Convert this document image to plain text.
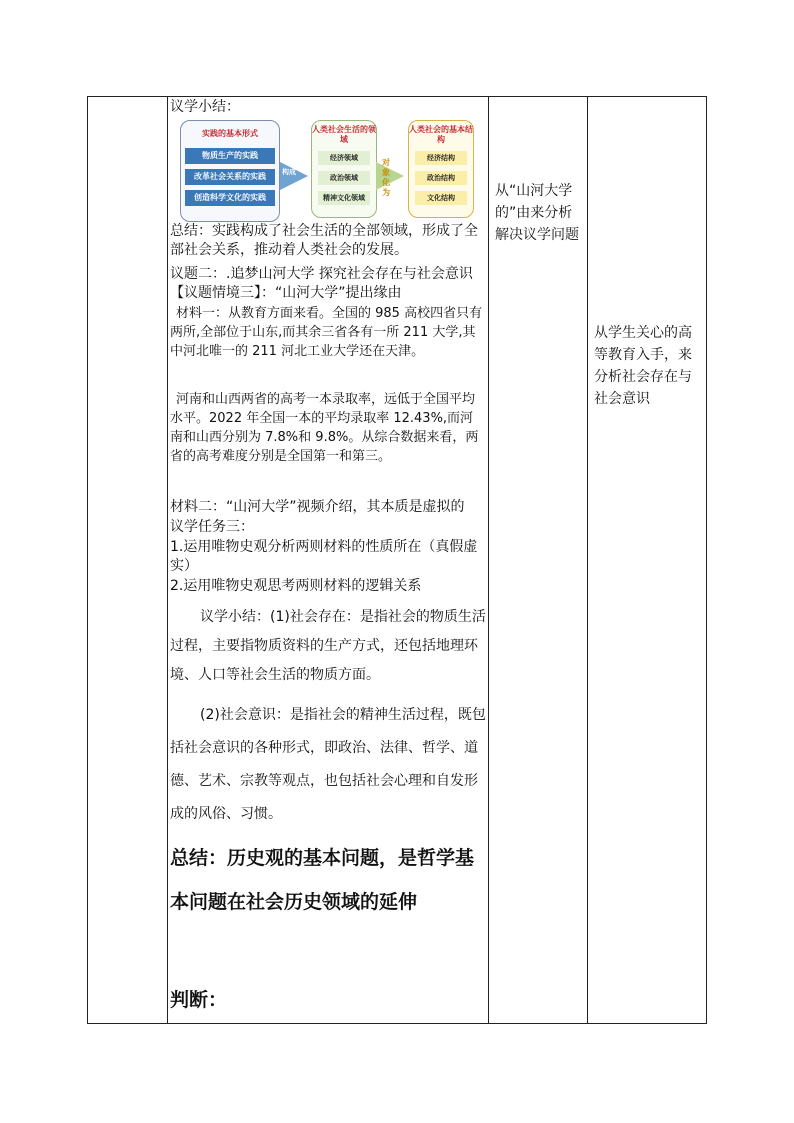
实践的基本形式
物质生产的实践
改革社会关系的实践
创造科学文化的实践
构成
人类社会生活的领域
经济领域
政治领域
精神文化领域
对象化为
人类社会的基本结构
经济结构
政治结构
文化结构
议学小结：
总结：实践构成了社会生活的全部领域，形成了全部社会关系，推动着人类社会的发展。
议题二：.追梦山河大学 探究社会存在与社会意识
【议题情境三】：“山河大学”提出缘由
材料一：从教育方面来看。全国的 985 高校四省只有两所,全部位于山东,而其余三省各有一所 211 大学,其中河北唯一的 211 河北工业大学还在天津。
河南和山西两省的高考一本录取率，远低于全国平均水平。2022 年全国一本的平均录取率 12.43%,而河南和山西分别为 7.8%和 9.8%。从综合数据来看，两省的高考难度分别是全国第一和第三。
材料二：“山河大学”视频介绍，其本质是虚拟的
议学任务三：
1.运用唯物史观分析两则材料的性质所在（真假虚实）
2.运用唯物史观思考两则材料的逻辑关系
议学小结：(1)社会存在：是指社会的物质生活过程，主要指物质资料的生产方式，还包括地理环境、人口等社会生活的物质方面。
(2)社会意识：是指社会的精神生活过程，既包括社会意识的各种形式，即政治、法律、哲学、道德、艺术、宗教等观点，也包括社会心理和自发形成的风俗、习惯。
总结：历史观的基本问题，是哲学基本问题在社会历史领域的延伸
判断：
从“山河大学的”由来分析解决议学问题
从学生关心的高等教育入手，来分析社会存在与社会意识
